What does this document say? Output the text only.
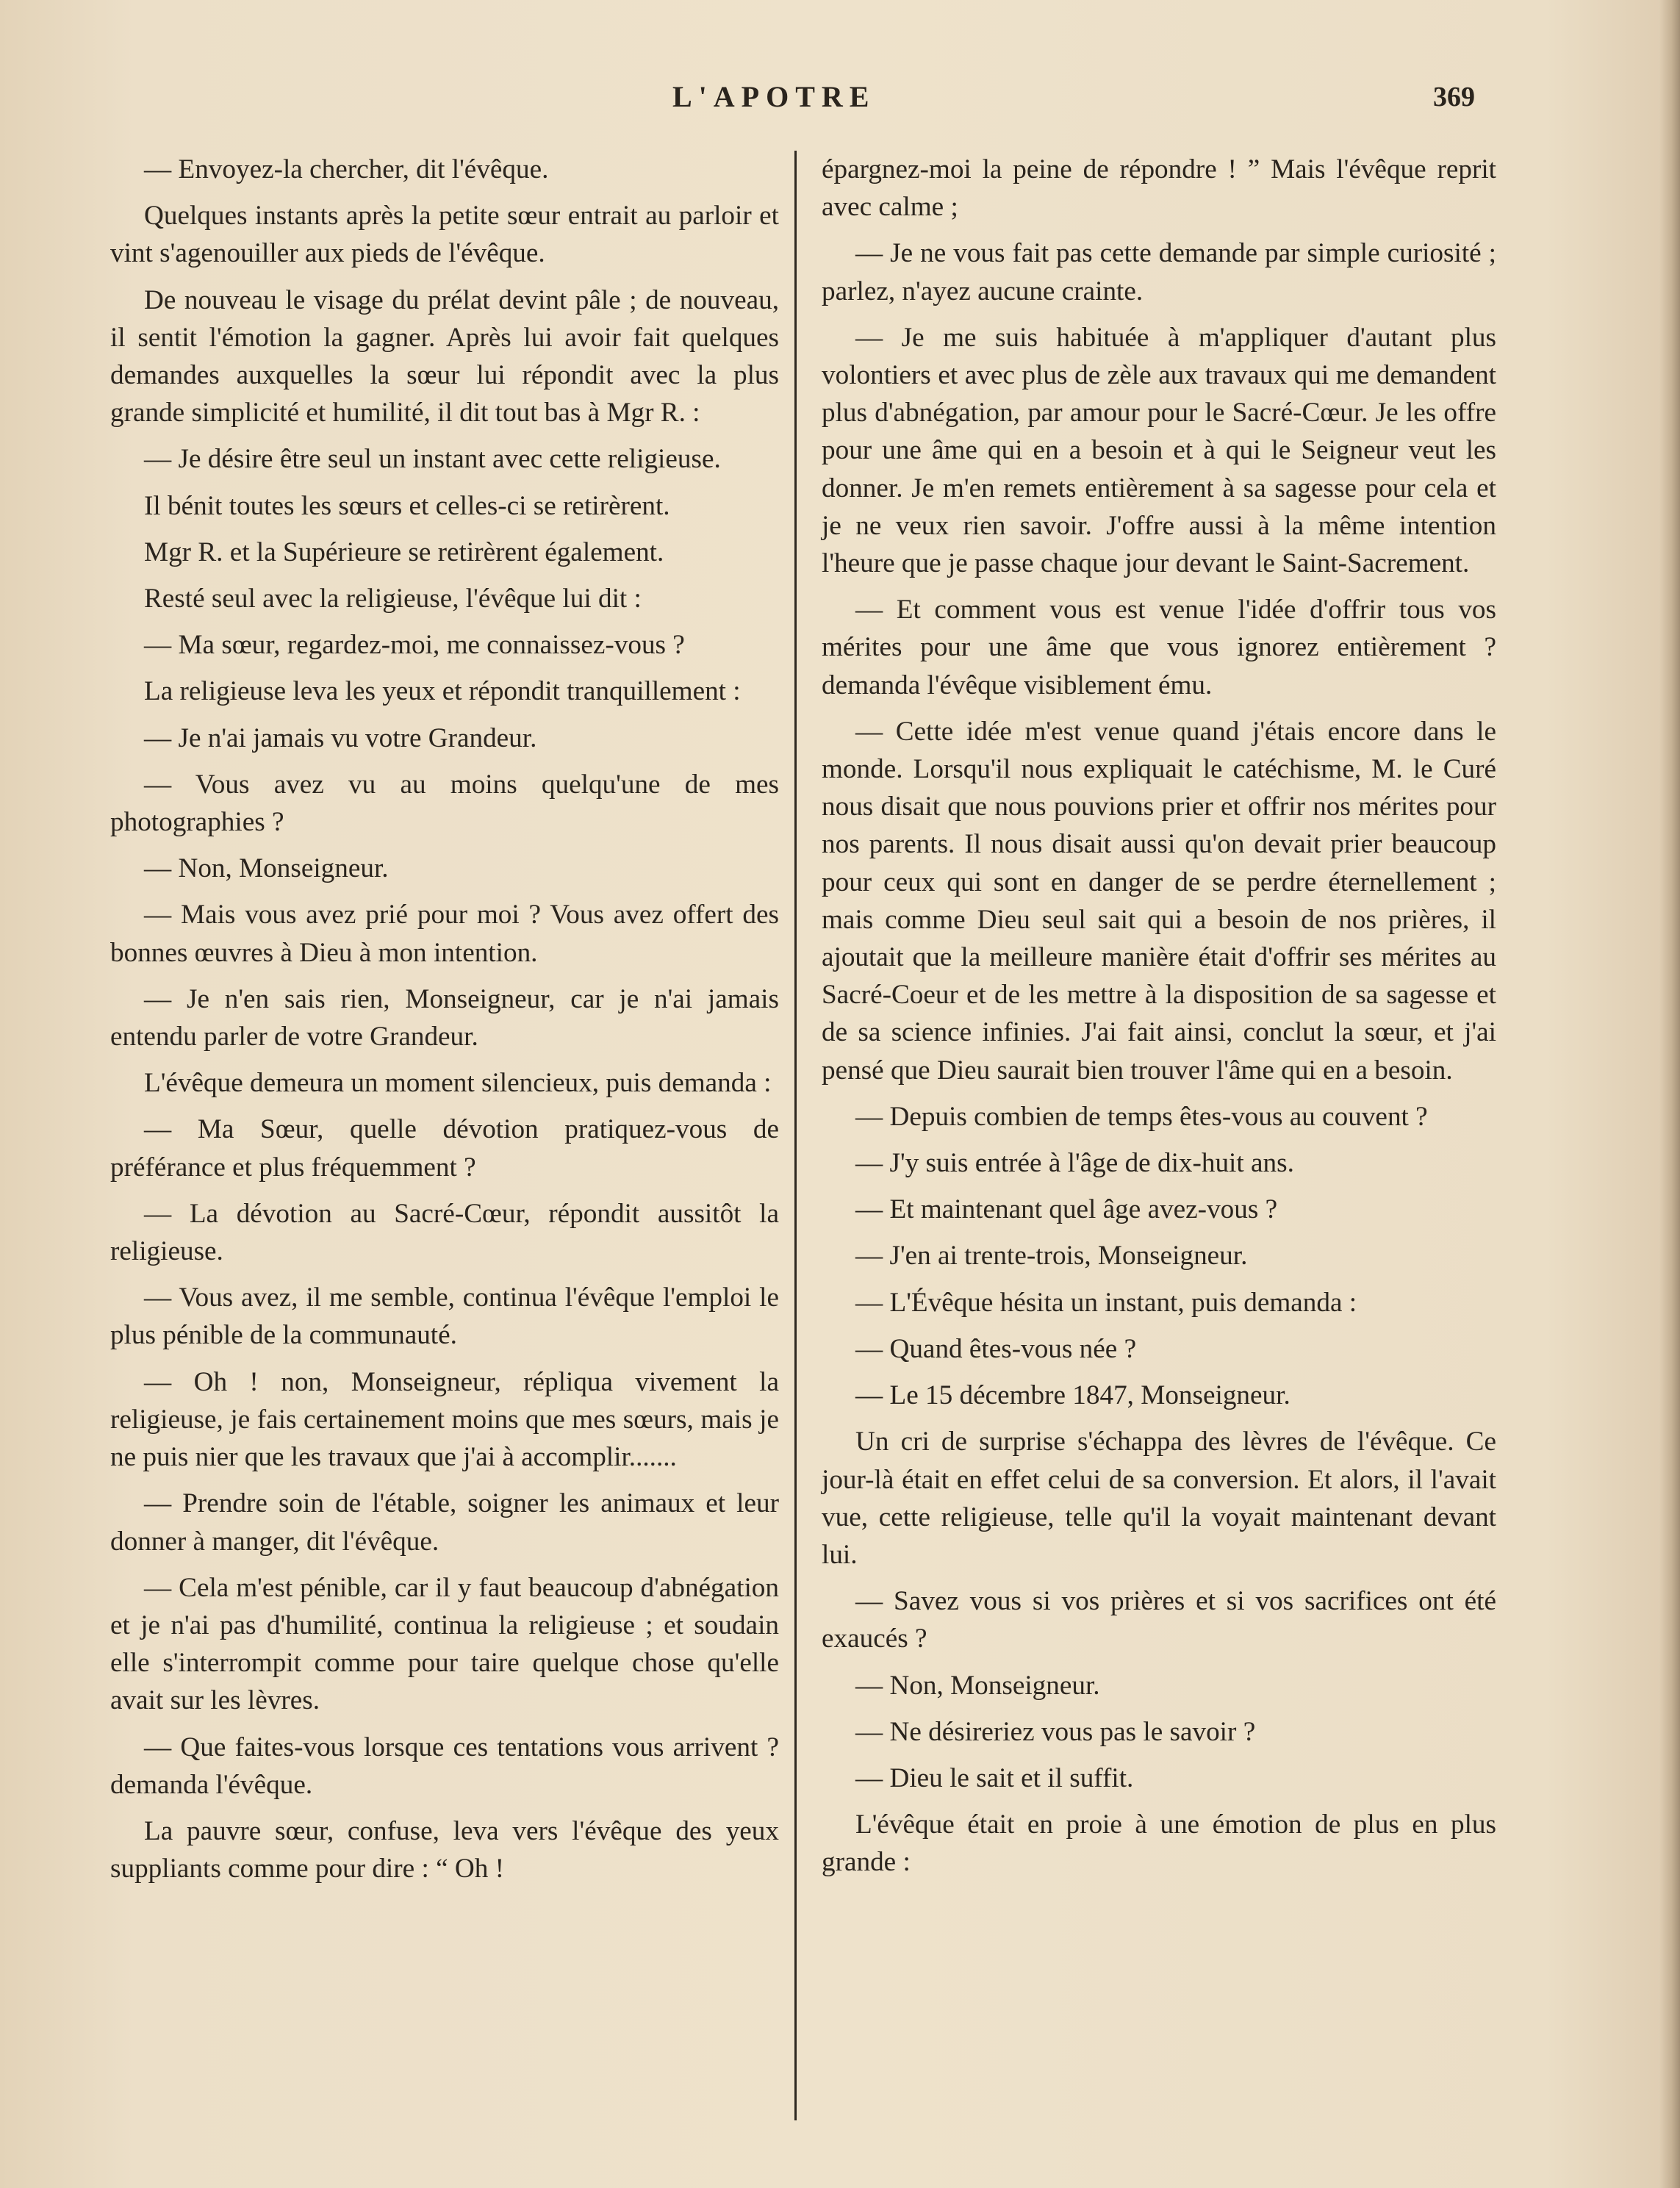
L'APOTRE	369

— Envoyez-la chercher, dit l'évêque.

Quelques instants après la petite sœur entrait au parloir et vint s'agenouiller aux pieds de l'évêque.

De nouveau le visage du prélat devint pâle ; de nouveau, il sentit l'émotion la gagner. Après lui avoir fait quelques demandes auxquelles la sœur lui répondit avec la plus grande simplicité et humilité, il dit tout bas à Mgr R. :

— Je désire être seul un instant avec cette religieuse.

Il bénit toutes les sœurs et celles-ci se retirèrent.

Mgr R. et la Supérieure se retirèrent également.

Resté seul avec la religieuse, l'évêque lui dit :

— Ma sœur, regardez-moi, me connaissez-vous ?

La religieuse leva les yeux et répondit tranquillement :

— Je n'ai jamais vu votre Grandeur.

— Vous avez vu au moins quelqu'une de mes photographies ?

— Non, Monseigneur.

— Mais vous avez prié pour moi ? Vous avez offert des bonnes œuvres à Dieu à mon intention.

— Je n'en sais rien, Monseigneur, car je n'ai jamais entendu parler de votre Grandeur.

L'évêque demeura un moment silencieux, puis demanda :

— Ma Sœur, quelle dévotion pratiquez-vous de préférance et plus fréquemment ?

— La dévotion au Sacré-Cœur, répondit aussitôt la religieuse.

— Vous avez, il me semble, continua l'évêque l'emploi le plus pénible de la communauté.

— Oh ! non, Monseigneur, répliqua vivement la religieuse, je fais certainement moins que mes sœurs, mais je ne puis nier que les travaux que j'ai à accomplir.......

— Prendre soin de l'étable, soigner les animaux et leur donner à manger, dit l'évêque.

— Cela m'est pénible, car il y faut beaucoup d'abnégation et je n'ai pas d'humilité, continua la religieuse ; et soudain elle s'interrompit comme pour taire quelque chose qu'elle avait sur les lèvres.

— Que faites-vous lorsque ces tentations vous arrivent ? demanda l'évêque.

La pauvre sœur, confuse, leva vers l'évêque des yeux suppliants comme pour dire : “ Oh !

épargnez-moi la peine de répondre ! ” Mais l'évêque reprit avec calme ;

— Je ne vous fait pas cette demande par simple curiosité ; parlez, n'ayez aucune crainte.

— Je me suis habituée à m'appliquer d'autant plus volontiers et avec plus de zèle aux travaux qui me demandent plus d'abnégation, par amour pour le Sacré-Cœur. Je les offre pour une âme qui en a besoin et à qui le Seigneur veut les donner. Je m'en remets entièrement à sa sagesse pour cela et je ne veux rien savoir. J'offre aussi à la même intention l'heure que je passe chaque jour devant le Saint-Sacrement.

— Et comment vous est venue l'idée d'offrir tous vos mérites pour une âme que vous ignorez entièrement ? demanda l'évêque visiblement ému.

— Cette idée m'est venue quand j'étais encore dans le monde. Lorsqu'il nous expliquait le catéchisme, M. le Curé nous disait que nous pouvions prier et offrir nos mérites pour nos parents. Il nous disait aussi qu'on devait prier beaucoup pour ceux qui sont en danger de se perdre éternellement ; mais comme Dieu seul sait qui a besoin de nos prières, il ajoutait que la meilleure manière était d'offrir ses mérites au Sacré-Coeur et de les mettre à la disposition de sa sagesse et de sa science infinies. J'ai fait ainsi, conclut la sœur, et j'ai pensé que Dieu saurait bien trouver l'âme qui en a besoin.

— Depuis combien de temps êtes-vous au couvent ?

— J'y suis entrée à l'âge de dix-huit ans.

— Et maintenant quel âge avez-vous ?

— J'en ai trente-trois, Monseigneur.

— L'Évêque hésita un instant, puis demanda :

— Quand êtes-vous née ?

— Le 15 décembre 1847, Monseigneur.

Un cri de surprise s'échappa des lèvres de l'évêque. Ce jour-là était en effet celui de sa conversion. Et alors, il l'avait vue, cette religieuse, telle qu'il la voyait maintenant devant lui.

— Savez vous si vos prières et si vos sacrifices ont été exaucés ?

— Non, Monseigneur.

— Ne désireriez vous pas le savoir ?

— Dieu le sait et il suffit.

L'évêque était en proie à une émotion de plus en plus grande :
